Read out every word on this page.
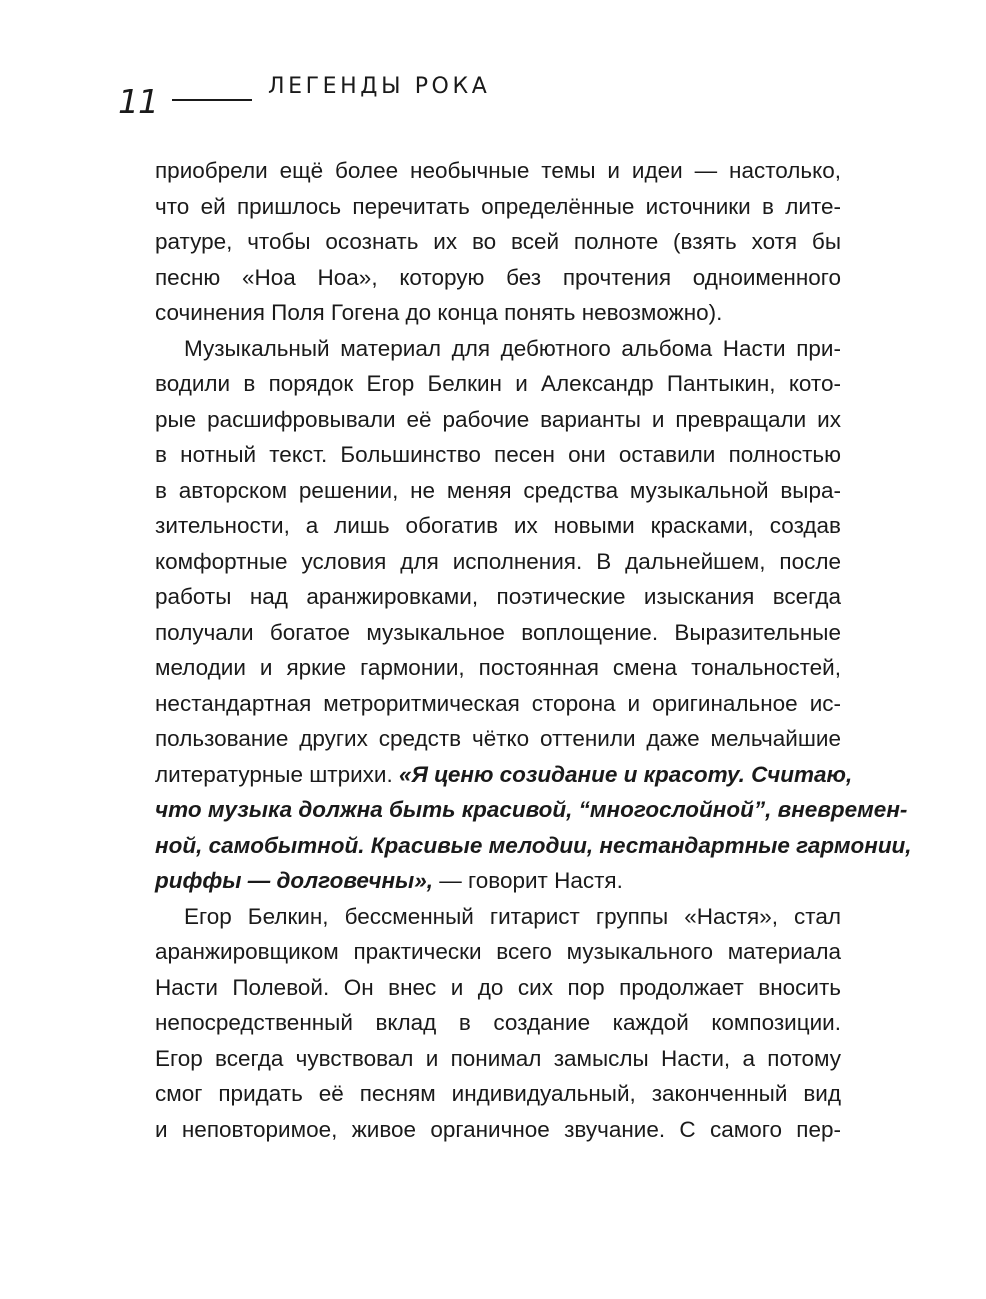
11	ЛЕГЕНДЫ РОКА
приобрели ещё более необычные темы и идеи — настолько,
что ей пришлось перечитать определённые источники в лите-
ратуре, чтобы осознать их во всей полноте (взять хотя бы
песню «Ноа Ноа», которую без прочтения одноименного
сочинения Поля Гогена до конца понять невозможно).
Музыкальный материал для дебютного альбома Насти при-
водили в порядок Егор Белкин и Александр Пантыкин, кото-
рые расшифровывали её рабочие варианты и превращали их
в нотный текст. Большинство песен они оставили полностью
в авторском решении, не меняя средства музыкальной выра-
зительности, а лишь обогатив их новыми красками, создав
комфортные условия для исполнения. В дальнейшем, после
работы над аранжировками, поэтические изыскания всегда
получали богатое музыкальное воплощение. Выразительные
мелодии и яркие гармонии, постоянная смена тональностей,
нестандартная метроритмическая сторона и оригинальное ис-
пользование других средств чётко оттенили даже мельчайшие
литературные штрихи. «Я ценю созидание и красоту. Считаю,
что музыка должна быть красивой, “многослойной”, вневремен-
ной, самобытной. Красивые мелодии, нестандартные гармонии,
риффы — долговечны», — говорит Настя.
Егор Белкин, бессменный гитарист группы «Настя», стал
аранжировщиком практически всего музыкального материала
Насти Полевой. Он внес и до сих пор продолжает вносить
непосредственный вклад в создание каждой композиции.
Егор всегда чувствовал и понимал замыслы Насти, а потому
смог придать её песням индивидуальный, законченный вид
и неповторимое, живое органичное звучание. С самого пер-
